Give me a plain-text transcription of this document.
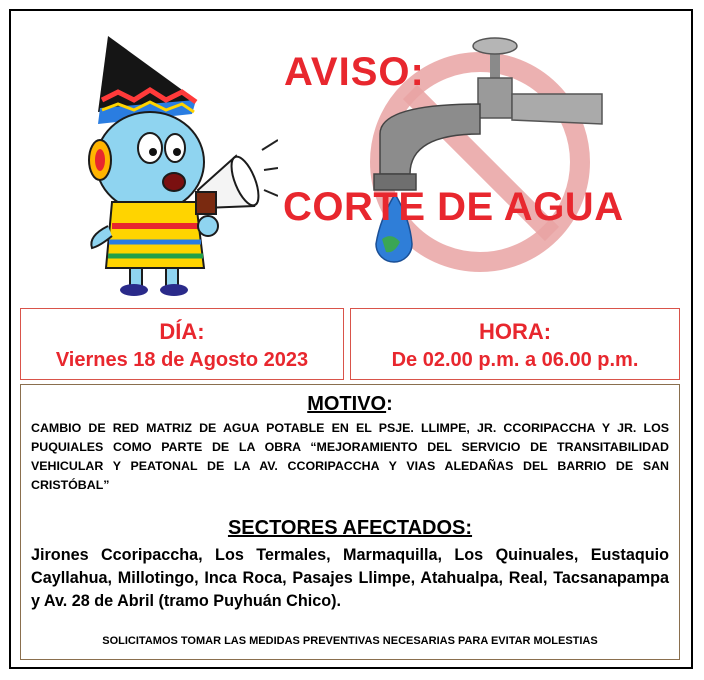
AVISO:
CORTE DE AGUA
DÍA:
Viernes 18 de Agosto 2023
HORA:
De 02.00 p.m. a 06.00 p.m.
MOTIVO:
CAMBIO DE RED MATRIZ DE AGUA POTABLE EN EL PSJE. LLIMPE, JR. CCORIPACCHA Y JR. LOS PUQUIALES COMO PARTE DE LA OBRA “MEJORAMIENTO DEL SERVICIO DE TRANSITABILIDAD VEHICULAR Y PEATONAL DE LA AV. CCORIPACCHA Y VIAS ALEDAÑAS DEL BARRIO DE SAN CRISTÓBAL”
SECTORES AFECTADOS:
Jirones Ccoripaccha, Los Termales, Marmaquilla, Los Quinuales, Eustaquio Cayllahua, Millotingo, Inca Roca, Pasajes Llimpe, Atahualpa, Real, Tacsanapampa y Av. 28 de Abril (tramo Puyhuán Chico).
SOLICITAMOS TOMAR LAS MEDIDAS PREVENTIVAS NECESARIAS PARA EVITAR MOLESTIAS
